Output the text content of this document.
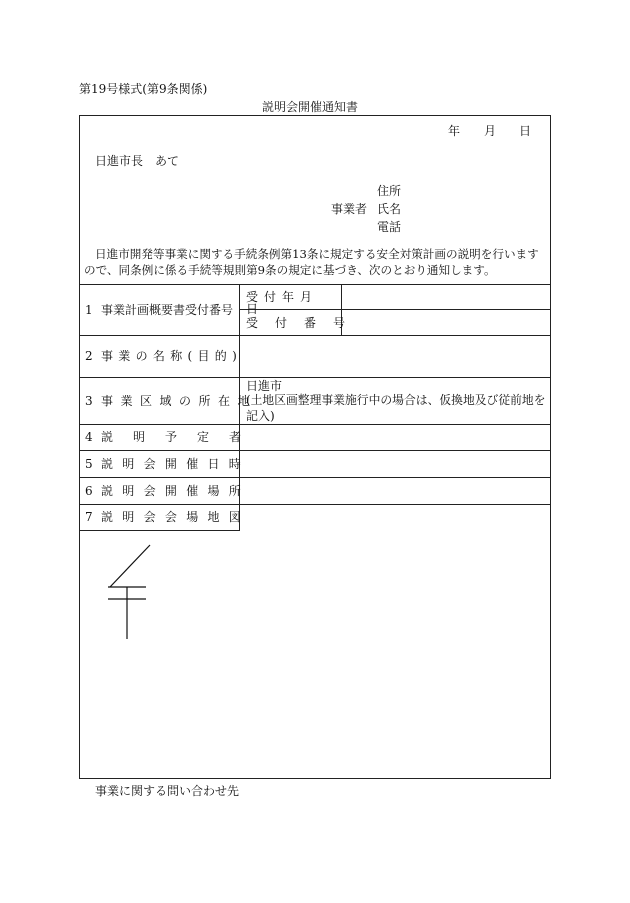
第19号様式(第9条関係)
説明会開催通知書
年 月 日
日進市長　あて
住所
事業者 氏名
電話
日進市開発等事業に関する手続条例第13条に規定する安全対策計画の説明を行います
ので、同条例に係る手続等規則第9条の規定に基づき、次のとおり通知します。
1 事業計画概要書受付番号
受付年月日
受付番号
2 事業の名称(目的)
3 事業区域の所在地
日進市
(土地区画整理事業施行中の場合は、仮換地及び従前地を
記入)
4 説明予定者
5 説明会開催日時
6 説明会開催場所
7 説明会会場地図
事業に関する問い合わせ先
